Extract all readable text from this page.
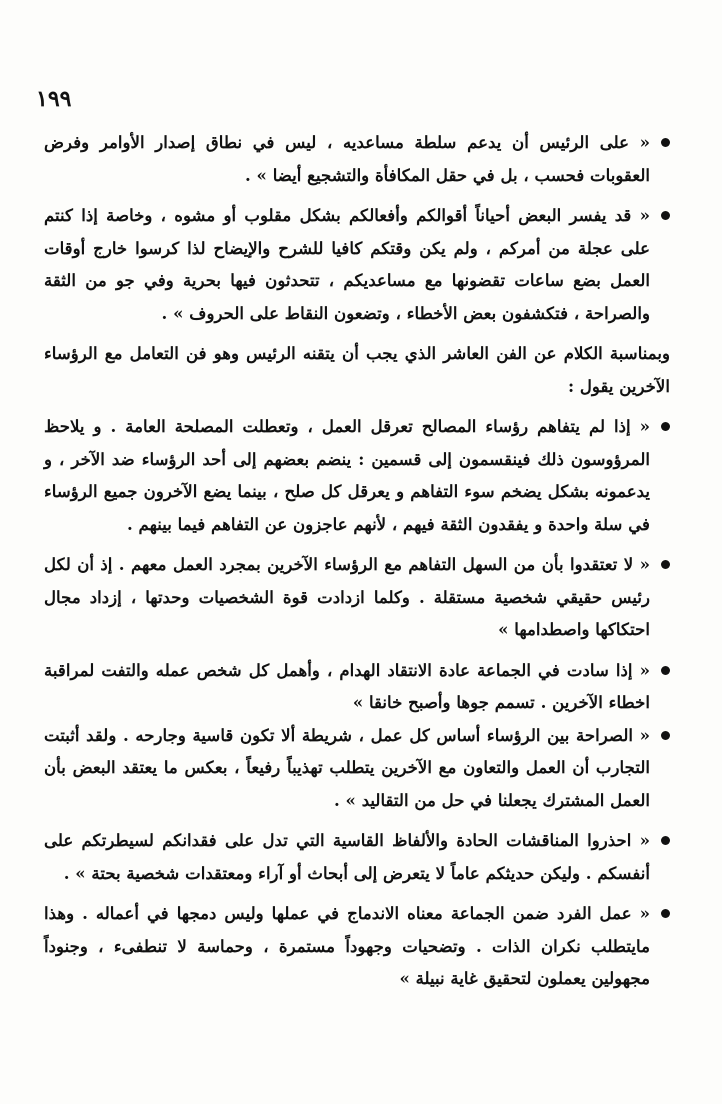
١٩٩

« على الرئيس أن يدعم سلطة مساعديه ، ليس في نطاق إصدار الأوامر وفرض العقوبات فحسب ، بل في حقل المكافأة والتشجيع أيضا » .

« قد يفسر البعض أحياناً أقوالكم وأفعالكم بشكل مقلوب أو مشوه ، وخاصة إذا كنتم على عجلة من أمركم ، ولم يكن وقتكم كافيا للشرح والإيضاح لذا كرسوا خارج أوقات العمل بضع ساعات تقضونها مع مساعديكم ، تتحدثون فيها بحرية وفي جو من الثقة والصراحة ، فتكشفون بعض الأخطاء ، وتضعون النقاط على الحروف » .

وبمناسبة الكلام عن الفن العاشر الذي يجب أن يتقنه الرئيس وهو فن التعامل مع الرؤساء الآخرين يقول :

« إذا لم يتفاهم رؤساء المصالح تعرقل العمل ، وتعطلت المصلحة العامة . و يلاحظ المرؤوسون ذلك فينقسمون إلى قسمين : ينضم بعضهم إلى أحد الرؤساء ضد الآخر ، و يدعمونه بشكل يضخم سوء التفاهم و يعرقل كل صلح ، بينما يضع الآخرون جميع الرؤساء في سلة واحدة و يفقدون الثقة فيهم ، لأنهم عاجزون عن التفاهم فيما بينهم .

« لا تعتقدوا بأن من السهل التفاهم مع الرؤساء الآخرين بمجرد العمل معهم . إذ أن لكل رئيس حقيقي شخصية مستقلة . وكلما ازدادت قوة الشخصيات وحدتها ، إزداد مجال احتكاكها واصطدامها »

« إذا سادت في الجماعة عادة الانتقاد الهدام ، وأهمل كل شخص عمله والتفت لمراقبة اخطاء الآخرين . تسمم جوها وأصبح خانقا »

« الصراحة بين الرؤساء أساس كل عمل ، شريطة ألا تكون قاسية وجارحه . ولقد أثبتت التجارب أن العمل والتعاون مع الآخرين يتطلب تهذيباً رفيعاً ، بعكس ما يعتقد البعض بأن العمل المشترك يجعلنا في حل من التقاليد » .

« احذروا المناقشات الحادة والألفاظ القاسية التي تدل على فقدانكم لسيطرتكم على أنفسكم . وليكن حديثكم عاماً لا يتعرض إلى أبحاث أو آراء ومعتقدات شخصية بحتة » .

« عمل الفرد ضمن الجماعة معناه الاندماج في عملها وليس دمجها في أعماله . وهذا مايتطلب نكران الذات . وتضحيات وجهوداً مستمرة ، وحماسة لا تنطفىء ، وجنوداً مجهولين يعملون لتحقيق غاية نبيلة »
